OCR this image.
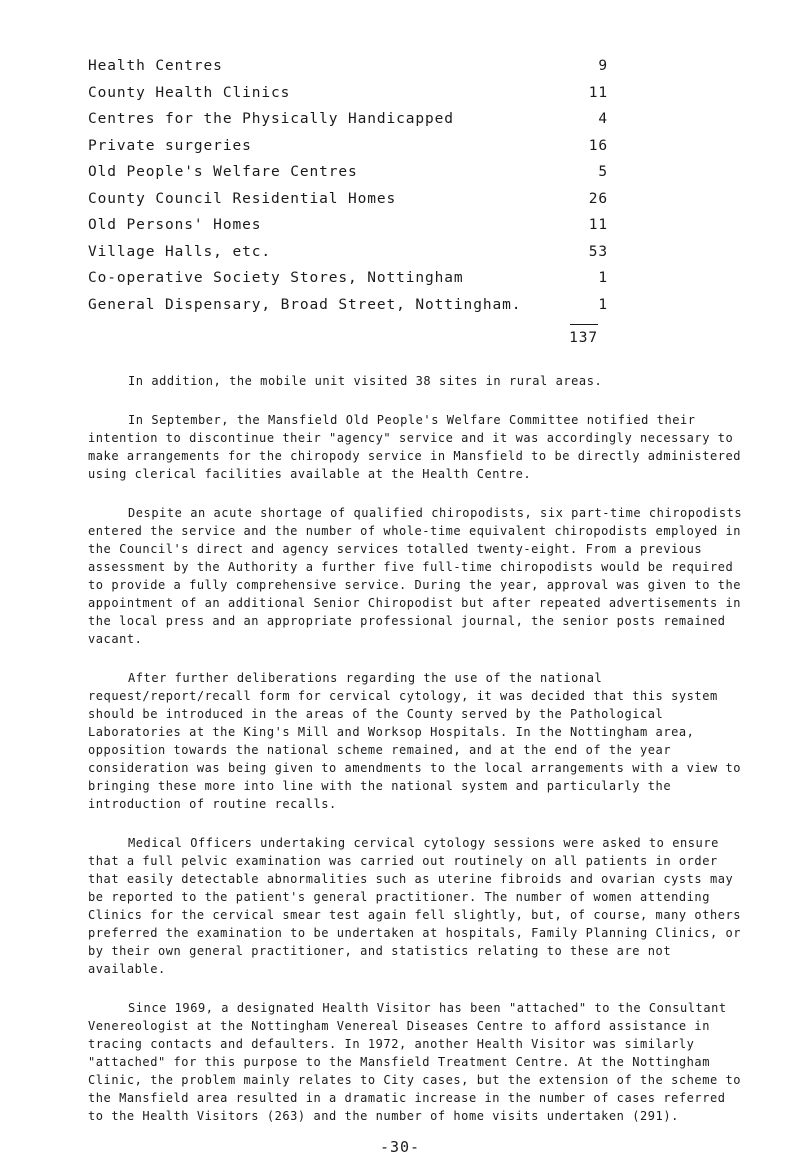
Health Centres	9
County Health Clinics	11
Centres for the Physically Handicapped	4
Private surgeries	16
Old People's Welfare Centres	5
County Council Residential Homes	26
Old Persons' Homes	11
Village Halls, etc.	53
Co-operative Society Stores, Nottingham	1
General Dispensary, Broad Street, Nottingham.	1
137

In addition, the mobile unit visited 38 sites in rural areas.

In September, the Mansfield Old People's Welfare Committee notified their intention to discontinue their "agency" service and it was accordingly necessary to make arrangements for the chiropody service in Mansfield to be directly administered using clerical facilities available at the Health Centre.

Despite an acute shortage of qualified chiropodists, six part-time chiropodists entered the service and the number of whole-time equivalent chiropodists employed in the Council's direct and agency services totalled twenty-eight. From a previous assessment by the Authority a further five full-time chiropodists would be required to provide a fully comprehensive service. During the year, approval was given to the appointment of an additional Senior Chiropodist but after repeated advertisements in the local press and an appropriate professional journal, the senior posts remained vacant.

After further deliberations regarding the use of the national request/report/recall form for cervical cytology, it was decided that this system should be introduced in the areas of the County served by the Pathological Laboratories at the King's Mill and Worksop Hospitals. In the Nottingham area, opposition towards the national scheme remained, and at the end of the year consideration was being given to amendments to the local arrangements with a view to bringing these more into line with the national system and particularly the introduction of routine recalls.

Medical Officers undertaking cervical cytology sessions were asked to ensure that a full pelvic examination was carried out routinely on all patients in order that easily detectable abnormalities such as uterine fibroids and ovarian cysts may be reported to the patient's general practitioner. The number of women attending Clinics for the cervical smear test again fell slightly, but, of course, many others preferred the examination to be undertaken at hospitals, Family Planning Clinics, or by their own general practitioner, and statistics relating to these are not available.

Since 1969, a designated Health Visitor has been "attached" to the Consultant Venereologist at the Nottingham Venereal Diseases Centre to afford assistance in tracing contacts and defaulters. In 1972, another Health Visitor was similarly "attached" for this purpose to the Mansfield Treatment Centre. At the Nottingham Clinic, the problem mainly relates to City cases, but the extension of the scheme to the Mansfield area resulted in a dramatic increase in the number of cases referred to the Health Visitors (263) and the number of home visits undertaken (291).

-30-
